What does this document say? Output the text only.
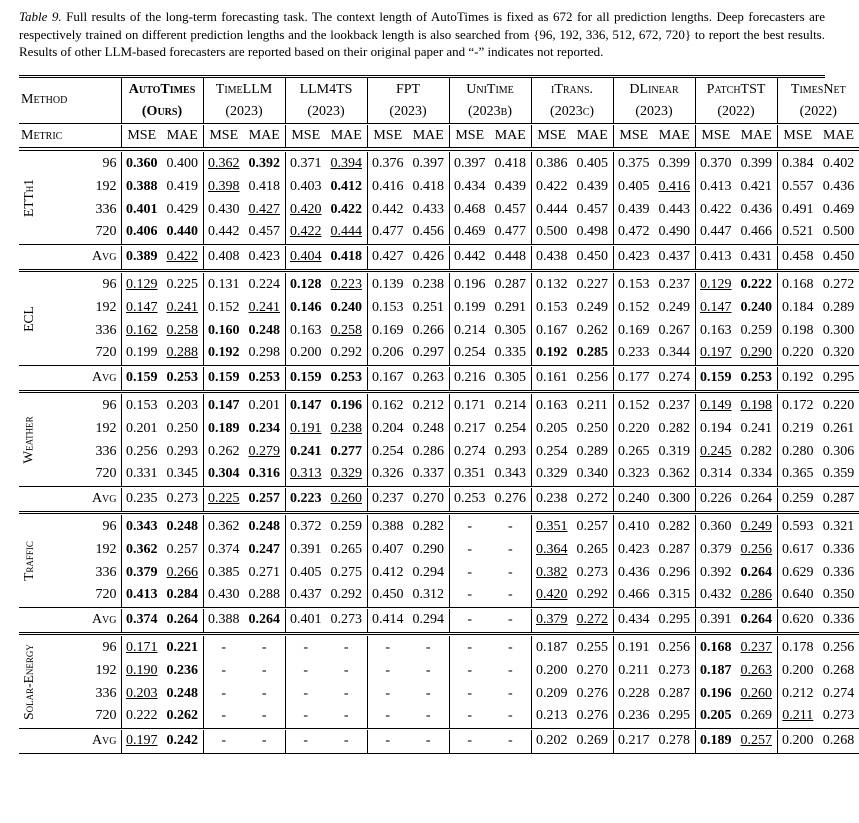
Table 9. Full results of the long-term forecasting task. The context length of AutoTimes is fixed as 672 for all prediction lengths. Deep forecasters are respectively trained on different prediction lengths and the lookback length is also searched from {96, 192, 336, 512, 672, 720} to report the best results. Results of other LLM-based forecasters are reported based on their original paper and “-” indicates not reported.
Method		AutoTimes		TimeLLM		LLM4TS		FPT		UniTime		iTrans.		DLinear		PatchTST		TimesNet	
		(Ours)		(2023)		(2023)		(2023)		(2023b)		(2023c)		(2023)		(2022)		(2022)	

Metric		MSE	MAE	MSE	MAE	MSE	MAE	MSE	MAE	MSE	MAE	MSE	MAE	MSE	MAE	MSE	MAE	MSE	MAE

ETTh1	96	0.360	0.400	0.362	0.392	0.371	0.394	0.376	0.397	0.397	0.418	0.386	0.405	0.375	0.399	0.370	0.399	0.384	0.402
	192	0.388	0.419	0.398	0.418	0.403	0.412	0.416	0.418	0.434	0.439	0.422	0.439	0.405	0.416	0.413	0.421	0.557	0.436
	336	0.401	0.429	0.430	0.427	0.420	0.422	0.442	0.433	0.468	0.457	0.444	0.457	0.439	0.443	0.422	0.436	0.491	0.469
	720	0.406	0.440	0.442	0.457	0.422	0.444	0.477	0.456	0.469	0.477	0.500	0.498	0.472	0.490	0.447	0.466	0.521	0.500

Avg		0.389	0.422	0.408	0.423	0.404	0.418	0.427	0.426	0.442	0.448	0.438	0.450	0.423	0.437	0.413	0.431	0.458	0.450

ECL	96	0.129	0.225	0.131	0.224	0.128	0.223	0.139	0.238	0.196	0.287	0.132	0.227	0.153	0.237	0.129	0.222	0.168	0.272
	192	0.147	0.241	0.152	0.241	0.146	0.240	0.153	0.251	0.199	0.291	0.153	0.249	0.152	0.249	0.147	0.240	0.184	0.289
	336	0.162	0.258	0.160	0.248	0.163	0.258	0.169	0.266	0.214	0.305	0.167	0.262	0.169	0.267	0.163	0.259	0.198	0.300
	720	0.199	0.288	0.192	0.298	0.200	0.292	0.206	0.297	0.254	0.335	0.192	0.285	0.233	0.344	0.197	0.290	0.220	0.320

Avg		0.159	0.253	0.159	0.253	0.159	0.253	0.167	0.263	0.216	0.305	0.161	0.256	0.177	0.274	0.159	0.253	0.192	0.295

Weather	96	0.153	0.203	0.147	0.201	0.147	0.196	0.162	0.212	0.171	0.214	0.163	0.211	0.152	0.237	0.149	0.198	0.172	0.220
	192	0.201	0.250	0.189	0.234	0.191	0.238	0.204	0.248	0.217	0.254	0.205	0.250	0.220	0.282	0.194	0.241	0.219	0.261
	336	0.256	0.293	0.262	0.279	0.241	0.277	0.254	0.286	0.274	0.293	0.254	0.289	0.265	0.319	0.245	0.282	0.280	0.306
	720	0.331	0.345	0.304	0.316	0.313	0.329	0.326	0.337	0.351	0.343	0.329	0.340	0.323	0.362	0.314	0.334	0.365	0.359

Avg		0.235	0.273	0.225	0.257	0.223	0.260	0.237	0.270	0.253	0.276	0.238	0.272	0.240	0.300	0.226	0.264	0.259	0.287

Traffic	96	0.343	0.248	0.362	0.248	0.372	0.259	0.388	0.282	-	-	0.351	0.257	0.410	0.282	0.360	0.249	0.593	0.321
	192	0.362	0.257	0.374	0.247	0.391	0.265	0.407	0.290	-	-	0.364	0.265	0.423	0.287	0.379	0.256	0.617	0.336
	336	0.379	0.266	0.385	0.271	0.405	0.275	0.412	0.294	-	-	0.382	0.273	0.436	0.296	0.392	0.264	0.629	0.336
	720	0.413	0.284	0.430	0.288	0.437	0.292	0.450	0.312	-	-	0.420	0.292	0.466	0.315	0.432	0.286	0.640	0.350

Avg		0.374	0.264	0.388	0.264	0.401	0.273	0.414	0.294	-	-	0.379	0.272	0.434	0.295	0.391	0.264	0.620	0.336

Solar-Energy	96	0.171	0.221	-	-	-	-	-	-	-	-	0.187	0.255	0.191	0.256	0.168	0.237	0.178	0.256
	192	0.190	0.236	-	-	-	-	-	-	-	-	0.200	0.270	0.211	0.273	0.187	0.263	0.200	0.268
	336	0.203	0.248	-	-	-	-	-	-	-	-	0.209	0.276	0.228	0.287	0.196	0.260	0.212	0.274
	720	0.222	0.262	-	-	-	-	-	-	-	-	0.213	0.276	0.236	0.295	0.205	0.269	0.211	0.273

Avg		0.197	0.242	-	-	-	-	-	-	-	-	0.202	0.269	0.217	0.278	0.189	0.257	0.200	0.268
